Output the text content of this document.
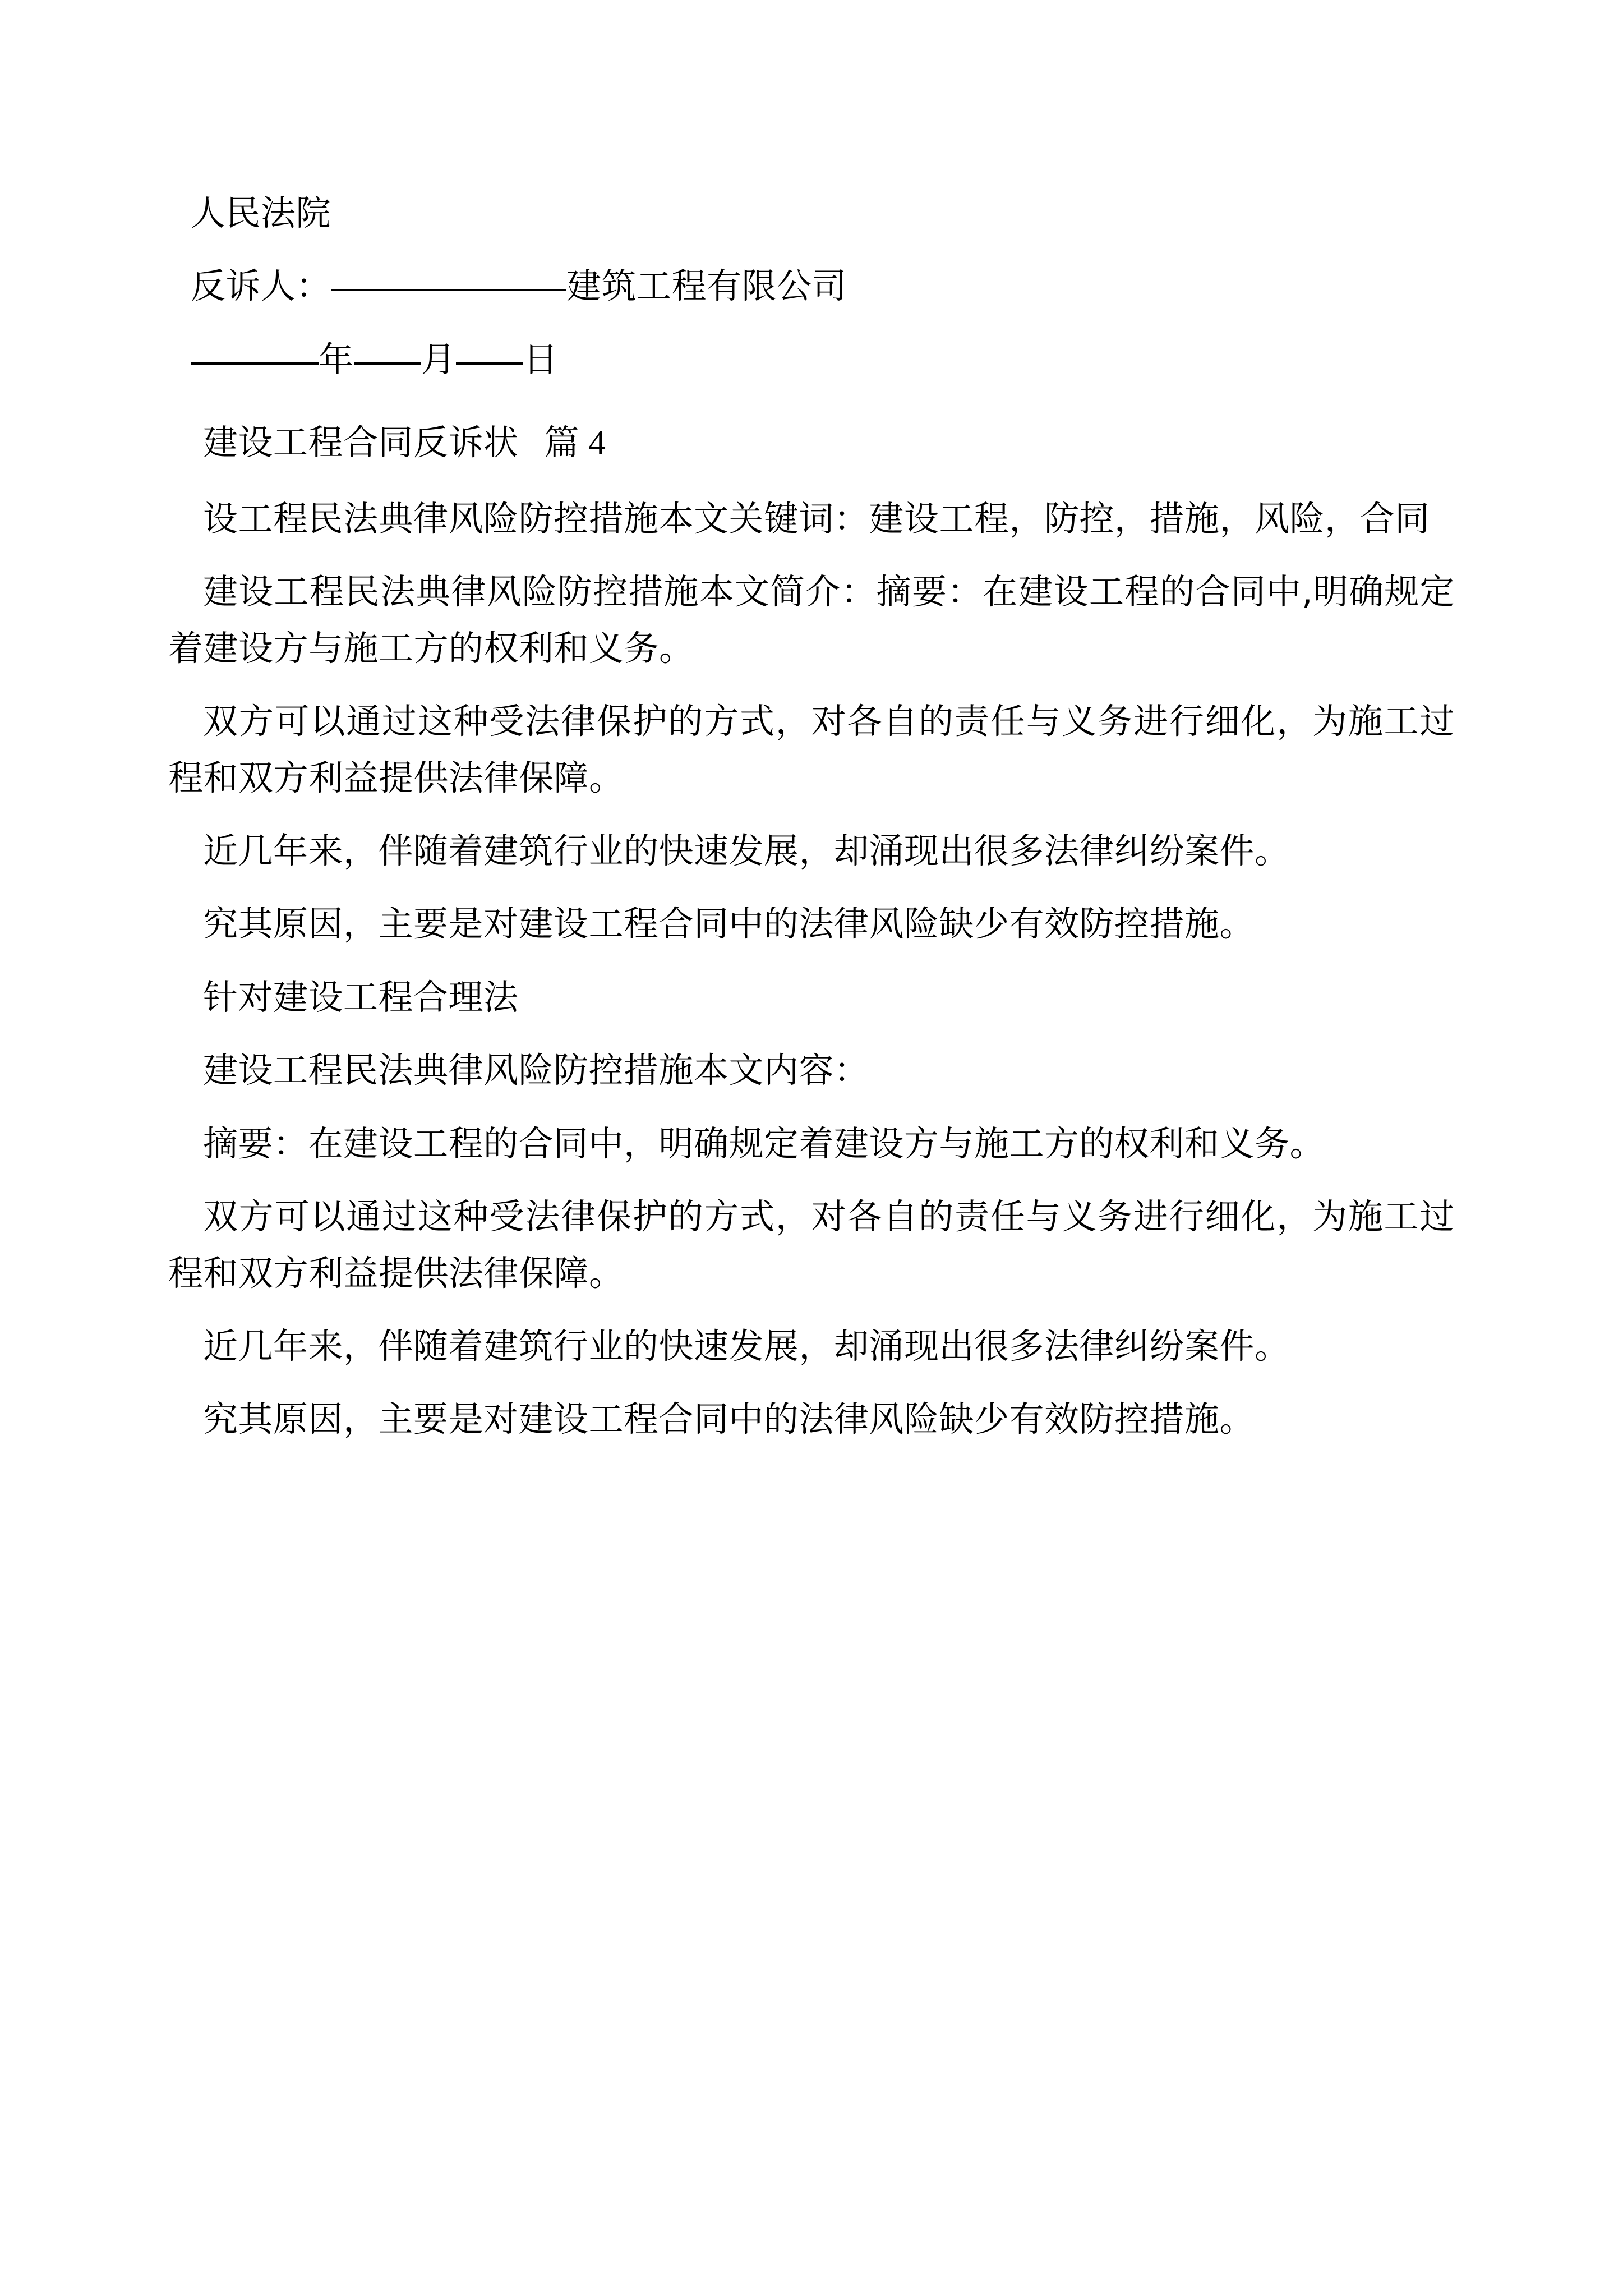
人民法院

反诉人：	建筑工程有限公司

年 月 日

建设工程合同反诉状 篇 4

设工程民法典律风险防控措施本文关键词：建设工程，防控，措施，风险，合同

建设工程民法典律风险防控措施本文简介：摘要：在建设工程的合同中,明确规定着建设方与施工方的权利和义务。

双方可以通过这种受法律保护的方式，对各自的责任与义务进行细化，为施工过程和双方利益提供法律保障。

近几年来，伴随着建筑行业的快速发展，却涌现出很多法律纠纷案件。

究其原因，主要是对建设工程合同中的法律风险缺少有效防控措施。

针对建设工程合理法

建设工程民法典律风险防控措施本文内容：

摘要：在建设工程的合同中，明确规定着建设方与施工方的权利和义务。

双方可以通过这种受法律保护的方式，对各自的责任与义务进行细化，为施工过程和双方利益提供法律保障。

近几年来，伴随着建筑行业的快速发展，却涌现出很多法律纠纷案件。

究其原因，主要是对建设工程合同中的法律风险缺少有效防控措施。
